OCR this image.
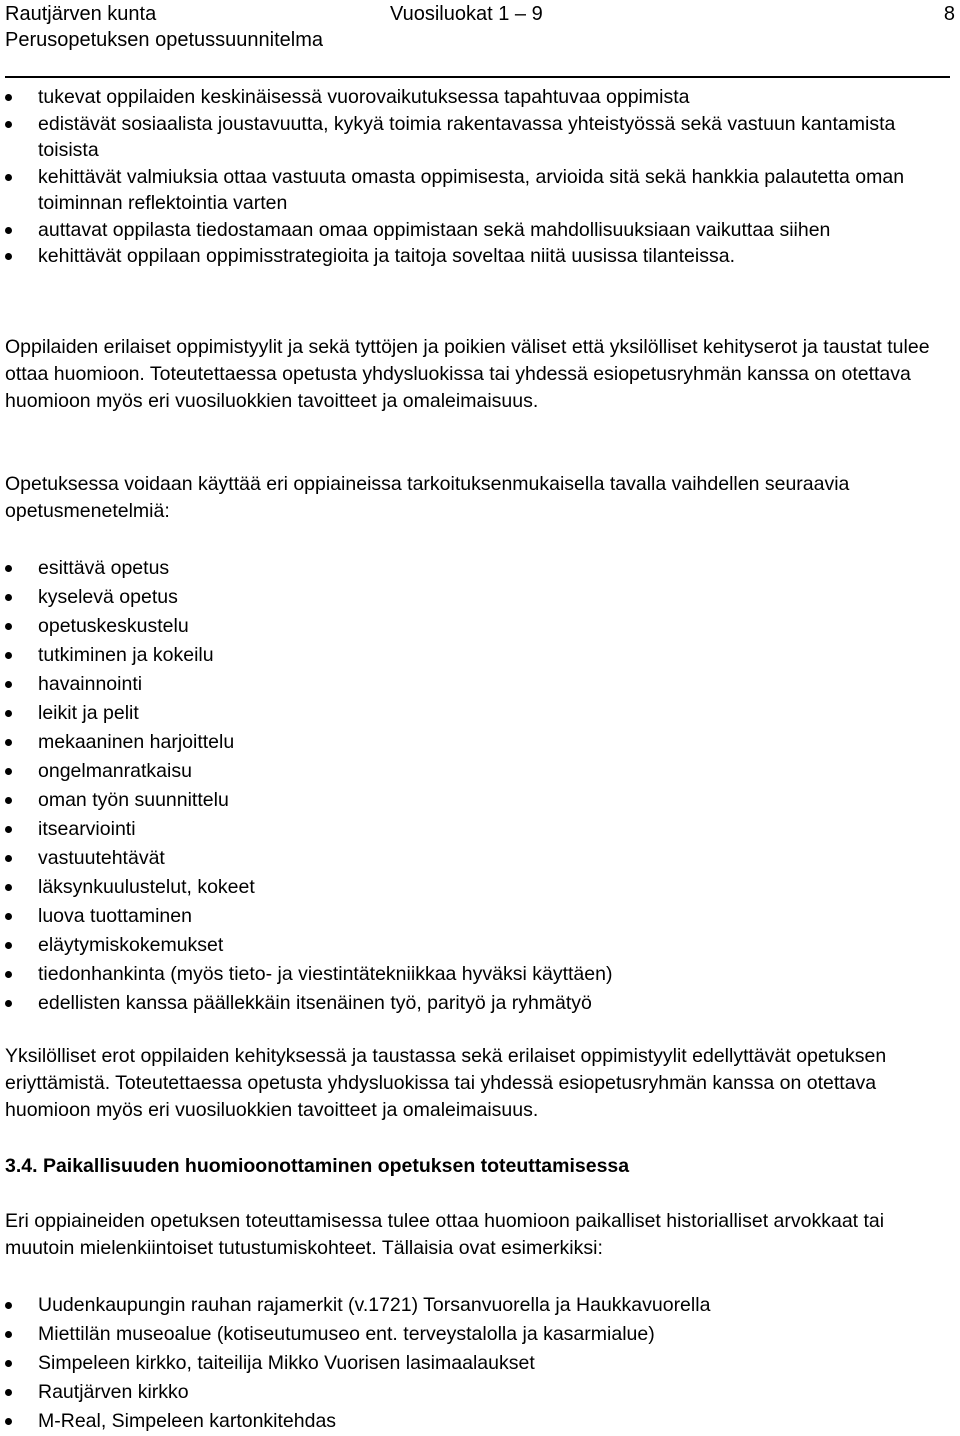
Rautjärven kunta
Perusopetuksen opetussuunnitelma
Vuosiluokat 1 – 9	8
tukevat oppilaiden keskinäisessä vuorovaikutuksessa tapahtuvaa oppimista
edistävät sosiaalista joustavuutta, kykyä toimia rakentavassa yhteistyössä sekä vastuun kantamista toisista
kehittävät valmiuksia ottaa vastuuta omasta oppimisesta, arvioida sitä sekä hankkia palautetta oman toiminnan reflektointia varten
auttavat oppilasta tiedostamaan omaa oppimistaan sekä mahdollisuuksiaan vaikuttaa siihen
kehittävät oppilaan oppimisstrategioita ja taitoja soveltaa niitä uusissa tilanteissa.

Oppilaiden erilaiset oppimistyylit ja sekä tyttöjen ja poikien väliset että yksilölliset kehityserot ja taustat tulee ottaa huomioon. Toteutettaessa opetusta yhdysluokissa tai yhdessä esiopetusryhmän kanssa on otettava huomioon myös eri vuosiluokkien tavoitteet ja omaleimaisuus.

Opetuksessa voidaan käyttää eri oppiaineissa tarkoituksenmukaisella tavalla vaihdellen seuraavia opetusmenetelmiä:

esittävä opetus
kyselevä opetus
opetuskeskustelu
tutkiminen ja kokeilu
havainnointi
leikit ja pelit
mekaaninen harjoittelu
ongelmanratkaisu
oman työn suunnittelu
itsearviointi
vastuutehtävät
läksynkuulustelut, kokeet
luova tuottaminen
eläytymiskokemukset
tiedonhankinta (myös tieto- ja viestintätekniikkaa hyväksi käyttäen)
edellisten kanssa päällekkäin itsenäinen työ, parityö ja ryhmätyö

Yksilölliset erot oppilaiden kehityksessä ja taustassa sekä erilaiset oppimistyylit edellyttävät opetuksen eriyttämistä. Toteutettaessa opetusta yhdysluokissa tai yhdessä esiopetusryhmän kanssa on otettava huomioon myös eri vuosiluokkien tavoitteet ja omaleimaisuus.

3.4. Paikallisuuden huomioonottaminen opetuksen toteuttamisessa

Eri oppiaineiden opetuksen toteuttamisessa tulee ottaa huomioon paikalliset historialliset arvokkaat tai muutoin mielenkiintoiset tutustumiskohteet. Tällaisia ovat esimerkiksi:

Uudenkaupungin rauhan rajamerkit (v.1721) Torsanvuorella ja Haukkavuorella
Miettilän museoalue (kotiseutumuseo ent. terveystalolla ja kasarmialue)
Simpeleen kirkko, taiteilija Mikko Vuorisen lasimaalaukset
Rautjärven kirkko
M-Real, Simpeleen kartonkitehdas
